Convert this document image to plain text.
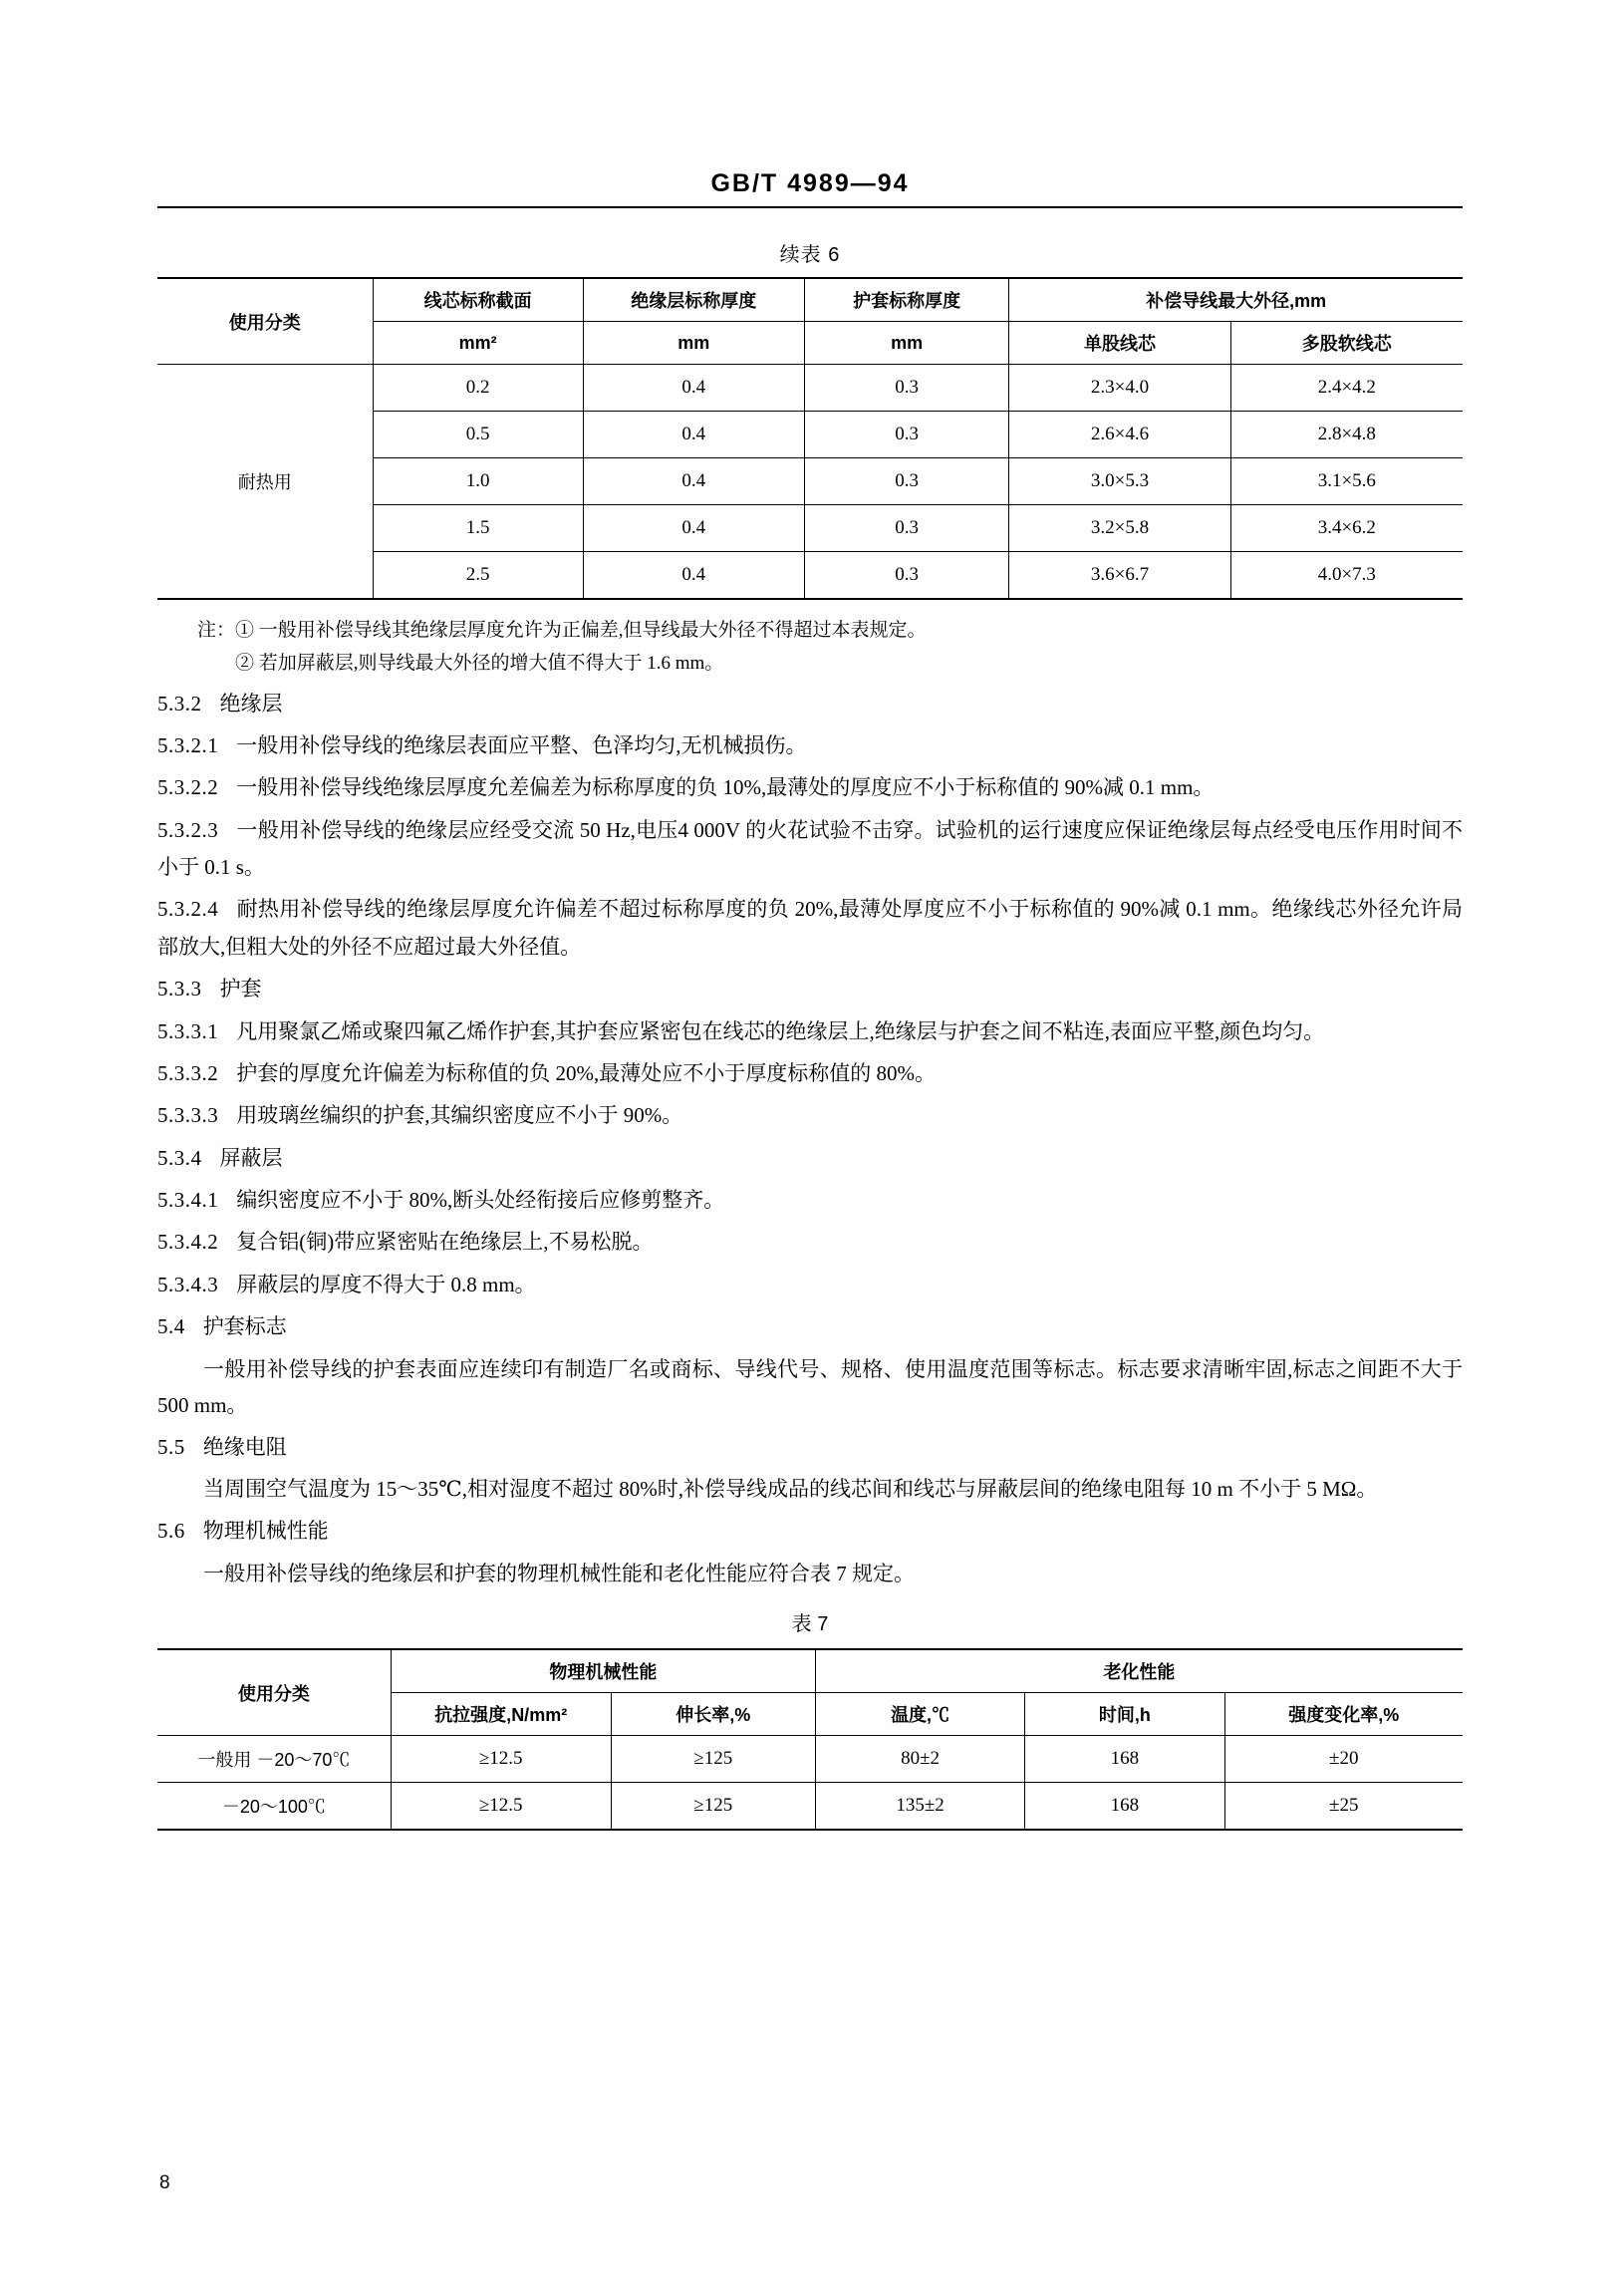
GB/T 4989—94
续表 6
使用分类	线芯标称截面	绝缘层标称厚度	护套标称厚度	补偿导线最大外径,mm	
	mm²	mm	mm	单股线芯	多股软线芯
耐热用	0.2	0.4	0.3	2.3×4.0	2.4×4.2
	0.5	0.4	0.3	2.6×4.6	2.8×4.8
	1.0	0.4	0.3	3.0×5.3	3.1×5.6
	1.5	0.4	0.3	3.2×5.8	3.4×6.2
	2.5	0.4	0.3	3.6×6.7	4.0×7.3
注：① 一般用补偿导线其绝缘层厚度允许为正偏差,但导线最大外径不得超过本表规定。
② 若加屏蔽层,则导线最大外径的增大值不得大于 1.6 mm。

5.3.2 绝缘层

5.3.2.1 一般用补偿导线的绝缘层表面应平整、色泽均匀,无机械损伤。

5.3.2.2 一般用补偿导线绝缘层厚度允差偏差为标称厚度的负 10%,最薄处的厚度应不小于标称值的 90%减 0.1 mm。

5.3.2.3 一般用补偿导线的绝缘层应经受交流 50 Hz,电压4 000V 的火花试验不击穿。试验机的运行速度应保证绝缘层每点经受电压作用时间不小于 0.1 s。

5.3.2.4 耐热用补偿导线的绝缘层厚度允许偏差不超过标称厚度的负 20%,最薄处厚度应不小于标称值的 90%减 0.1 mm。绝缘线芯外径允许局部放大,但粗大处的外径不应超过最大外径值。

5.3.3 护套

5.3.3.1 凡用聚氯乙烯或聚四氟乙烯作护套,其护套应紧密包在线芯的绝缘层上,绝缘层与护套之间不粘连,表面应平整,颜色均匀。

5.3.3.2 护套的厚度允许偏差为标称值的负 20%,最薄处应不小于厚度标称值的 80%。

5.3.3.3 用玻璃丝编织的护套,其编织密度应不小于 90%。

5.3.4 屏蔽层

5.3.4.1 编织密度应不小于 80%,断头处经衔接后应修剪整齐。

5.3.4.2 复合铝(铜)带应紧密贴在绝缘层上,不易松脱。

5.3.4.3 屏蔽层的厚度不得大于 0.8 mm。

5.4 护套标志

一般用补偿导线的护套表面应连续印有制造厂名或商标、导线代号、规格、使用温度范围等标志。标志要求清晰牢固,标志之间距不大于 500 mm。

5.5 绝缘电阻

当周围空气温度为 15～35℃,相对湿度不超过 80%时,补偿导线成品的线芯间和线芯与屏蔽层间的绝缘电阻每 10 m 不小于 5 MΩ。

5.6 物理机械性能

一般用补偿导线的绝缘层和护套的物理机械性能和老化性能应符合表 7 规定。

表 7
使用分类	物理机械性能		老化性能		
	抗拉强度,N/mm²	伸长率,%	温度,℃	时间,h	强度变化率,%
一般用 －20～70℃	≥12.5	≥125	80±2	168	±20
－20～100℃	≥12.5	≥125	135±2	168	±25
8
